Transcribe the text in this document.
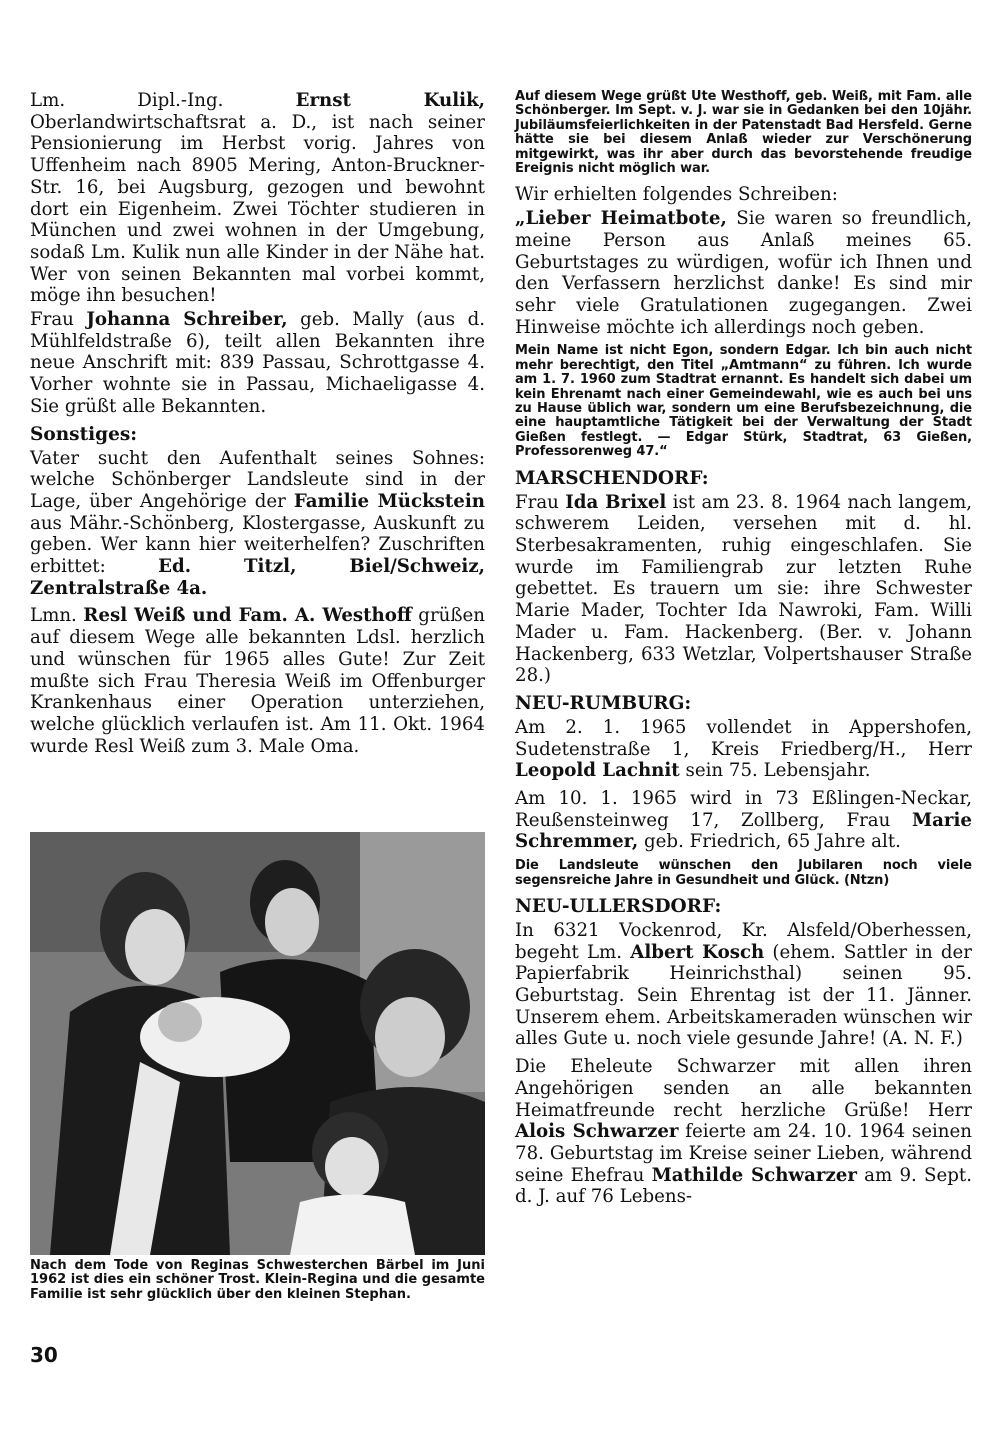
Lm. Dipl.-Ing. Ernst Kulik, Oberlandwirtschaftsrat a. D., ist nach seiner Pensionierung im Herbst vorig. Jahres von Uffenheim nach 8905 Mering, Anton-Bruckner-Str. 16, bei Augsburg, gezogen und bewohnt dort ein Eigenheim. Zwei Töchter studieren in München und zwei wohnen in der Umgebung, sodaß Lm. Kulik nun alle Kinder in der Nähe hat. Wer von seinen Bekannten mal vorbei kommt, möge ihn besuchen!

Frau Johanna Schreiber, geb. Mally (aus d. Mühlfeldstraße 6), teilt allen Bekannten ihre neue Anschrift mit: 839 Passau, Schrottgasse 4. Vorher wohnte sie in Passau, Michaeligasse 4. Sie grüßt alle Bekannten.

Sonstiges:

Vater sucht den Aufenthalt seines Sohnes: welche Schönberger Landsleute sind in der Lage, über Angehörige der Familie Mückstein aus Mähr.-Schönberg, Klostergasse, Auskunft zu geben. Wer kann hier weiterhelfen? Zuschriften erbittet: Ed. Titzl, Biel/Schweiz, Zentralstraße 4a.

Lmn. Resl Weiß und Fam. A. Westhoff grüßen auf diesem Wege alle bekannten Ldsl. herzlich und wünschen für 1965 alles Gute! Zur Zeit mußte sich Frau Theresia Weiß im Offenburger Krankenhaus einer Operation unterziehen, welche glücklich verlaufen ist. Am 11. Okt. 1964 wurde Resl Weiß zum 3. Male Oma.

Nach dem Tode von Reginas Schwesterchen Bärbel im Juni 1962 ist dies ein schöner Trost. Klein-Regina und die gesamte Familie ist sehr glücklich über den kleinen Stephan.
30

Auf diesem Wege grüßt Ute Westhoff, geb. Weiß, mit Fam. alle Schönberger. Im Sept. v. J. war sie in Gedanken bei den 10jähr. Jubiläumsfeierlichkeiten in der Patenstadt Bad Hersfeld. Gerne hätte sie bei diesem Anlaß wieder zur Verschönerung mitgewirkt, was ihr aber durch das bevorstehende freudige Ereignis nicht möglich war.

Wir erhielten folgendes Schreiben:

„Lieber Heimatbote, Sie waren so freundlich, meine Person aus Anlaß meines 65. Geburtstages zu würdigen, wofür ich Ihnen und den Verfassern herzlichst danke! Es sind mir sehr viele Gratulationen zugegangen. Zwei Hinweise möchte ich allerdings noch geben.

Mein Name ist nicht Egon, sondern Edgar. Ich bin auch nicht mehr berechtigt, den Titel „Amtmann“ zu führen. Ich wurde am 1. 7. 1960 zum Stadtrat ernannt. Es handelt sich dabei um kein Ehrenamt nach einer Gemeindewahl, wie es auch bei uns zu Hause üblich war, sondern um eine Berufsbezeichnung, die eine hauptamtliche Tätigkeit bei der Verwaltung der Stadt Gießen festlegt. — Edgar Stürk, Stadtrat, 63 Gießen, Professorenweg 47.“

MARSCHENDORF:

Frau Ida Brixel ist am 23. 8. 1964 nach langem, schwerem Leiden, versehen mit d. hl. Sterbesakramenten, ruhig eingeschlafen. Sie wurde im Familiengrab zur letzten Ruhe gebettet. Es trauern um sie: ihre Schwester Marie Mader, Tochter Ida Nawroki, Fam. Willi Mader u. Fam. Hackenberg. (Ber. v. Johann Hackenberg, 633 Wetzlar, Volpertshauser Straße 28.)

NEU-RUMBURG:

Am 2. 1. 1965 vollendet in Appershofen, Sudetenstraße 1, Kreis Friedberg/H., Herr Leopold Lachnit sein 75. Lebensjahr.

Am 10. 1. 1965 wird in 73 Eßlingen-Neckar, Reußensteinweg 17, Zollberg, Frau Marie Schremmer, geb. Friedrich, 65 Jahre alt.

Die Landsleute wünschen den Jubilaren noch viele segensreiche Jahre in Gesundheit und Glück. (Ntzn)

NEU-ULLERSDORF:

In 6321 Vockenrod, Kr. Alsfeld/Oberhessen, begeht Lm. Albert Kosch (ehem. Sattler in der Papierfabrik Heinrichsthal) seinen 95. Geburtstag. Sein Ehrentag ist der 11. Jänner. Unserem ehem. Arbeitskameraden wünschen wir alles Gute u. noch viele gesunde Jahre! (A. N. F.)

Die Eheleute Schwarzer mit allen ihren Angehörigen senden an alle bekannten Heimatfreunde recht herzliche Grüße! Herr Alois Schwarzer feierte am 24. 10. 1964 seinen 78. Geburtstag im Kreise seiner Lieben, während seine Ehefrau Mathilde Schwarzer am 9. Sept. d. J. auf 76 Lebens-
